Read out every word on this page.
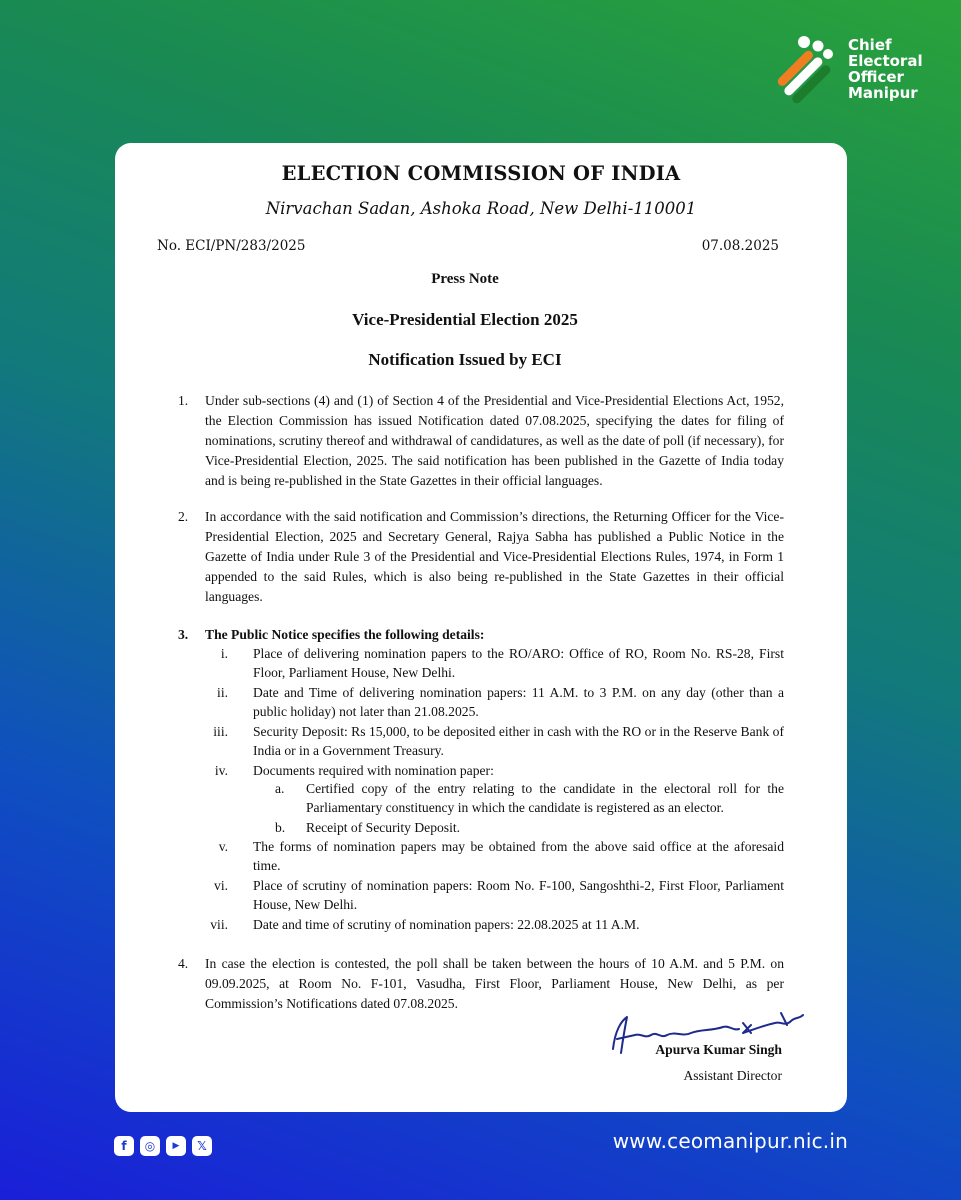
Chief
Electoral
Officer
Manipur
ELECTION COMMISSION OF INDIA
Nirvachan Sadan, Ashoka Road, New Delhi-110001
No. ECI/PN/283/2025	07.08.2025
Press Note
Vice-Presidential Election 2025
Notification Issued by ECI
1. Under sub-sections (4) and (1) of Section 4 of the Presidential and Vice-Presidential Elections Act, 1952, the Election Commission has issued Notification dated 07.08.2025, specifying the dates for filing of nominations, scrutiny thereof and withdrawal of candidatures, as well as the date of poll (if necessary), for Vice-Presidential Election, 2025. The said notification has been published in the Gazette of India today and is being re-published in the State Gazettes in their official languages.
2. In accordance with the said notification and Commission’s directions, the Returning Officer for the Vice-Presidential Election, 2025 and Secretary General, Rajya Sabha has published a Public Notice in the Gazette of India under Rule 3 of the Presidential and Vice-Presidential Elections Rules, 1974, in Form 1 appended to the said Rules, which is also being re-published in the State Gazettes in their official languages.
3. The Public Notice specifies the following details:
i. Place of delivering nomination papers to the RO/ARO: Office of RO, Room No. RS-28, First Floor, Parliament House, New Delhi.
ii. Date and Time of delivering nomination papers: 11 A.M. to 3 P.M. on any day (other than a public holiday) not later than 21.08.2025.
iii. Security Deposit: Rs 15,000, to be deposited either in cash with the RO or in the Reserve Bank of India or in a Government Treasury.
iv. Documents required with nomination paper:
a. Certified copy of the entry relating to the candidate in the electoral roll for the Parliamentary constituency in which the candidate is registered as an elector.
b. Receipt of Security Deposit.
v. The forms of nomination papers may be obtained from the above said office at the aforesaid time.
vi. Place of scrutiny of nomination papers: Room No. F-100, Sangoshthi-2, First Floor, Parliament House, New Delhi.
vii. Date and time of scrutiny of nomination papers: 22.08.2025 at 11 A.M.
4. In case the election is contested, the poll shall be taken between the hours of 10 A.M. and 5 P.M. on 09.09.2025, at Room No. F-101, Vasudha, First Floor, Parliament House, New Delhi, as per Commission’s Notifications dated 07.08.2025.
Apurva Kumar Singh
Assistant Director
f	◎	▶	𝕏	www.ceomanipur.nic.in
